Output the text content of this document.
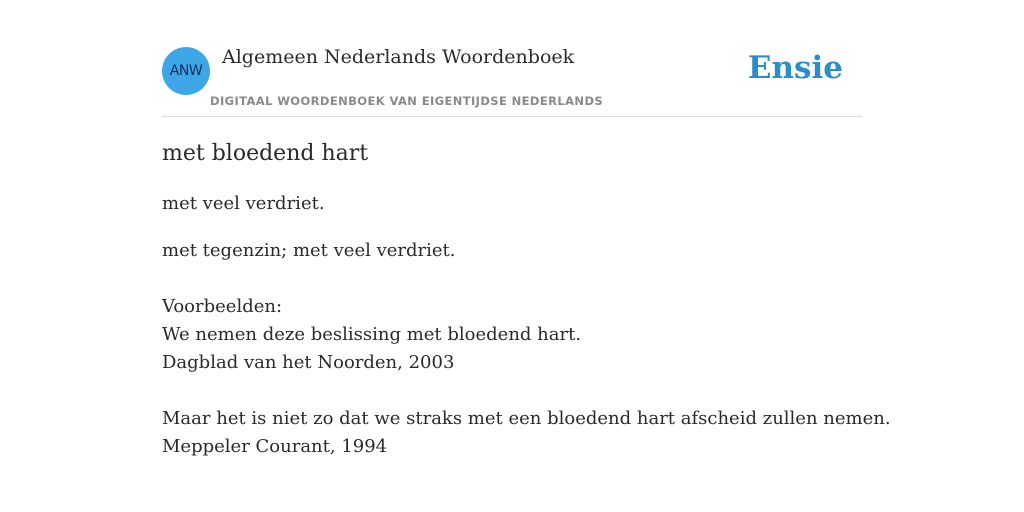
ANW
Algemeen Nederlands Woordenboek
DIGITAAL WOORDENBOEK VAN EIGENTIJDSE NEDERLANDS
Ensie
met bloedend hart

met veel verdriet.

met tegenzin; met veel verdriet.

Voorbeelden:
We nemen deze beslissing met bloedend hart.
Dagblad van het Noorden, 2003
Maar het is niet zo dat we straks met een bloedend hart afscheid zullen nemen.
Meppeler Courant, 1994
